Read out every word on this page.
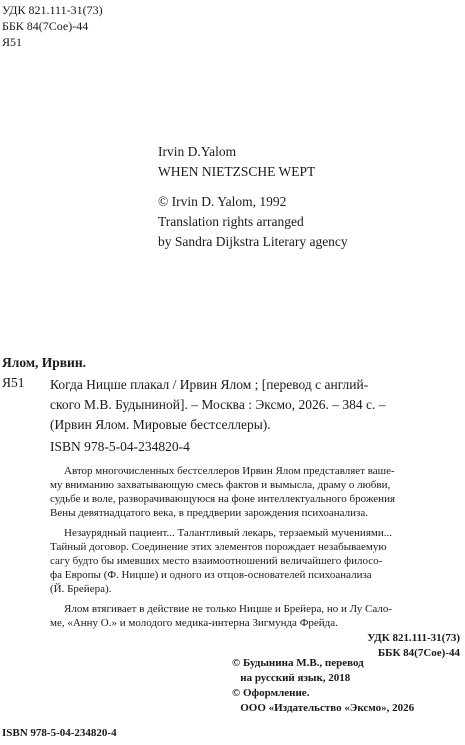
УДК 821.111-31(73)
ББК 84(7Сое)-44
Я51
Irvin D.Yalom
WHEN NIETZSCHE WEPT
© Irvin D. Yalom, 1992
Translation rights arranged
by Sandra Dijkstra Literary agency
Ялом, Ирвин.
Я51 Когда Ницше плакал / Ирвин Ялом ; [перевод с англий-
ского М.В. Будыниной]. – Москва : Эксмо, 2026. – 384 с. –
(Ирвин Ялом. Мировые бестселлеры).
ISBN 978-5-04-234820-4
Автор многочисленных бестселлеров Ирвин Ялом представляет ваше-
му вниманию захватывающую смесь фактов и вымысла, драму о любви,
судьбе и воле, разворачивающуюся на фоне интеллектуального брожения
Вены девятнадцатого века, в преддверии зарождения психоанализа.
Незаурядный пациент... Талантливый лекарь, терзаемый мучениями...
Тайный договор. Соединение этих элементов порождает незабываемую
сагу будто бы имевших место взаимоотношений величайшего филосо-
фа Европы (Ф. Ницше) и одного из отцов-основателей психоанализа
(Й. Брейера).
Ялом втягивает в действие не только Ницше и Брейера, но и Лу Сало-
ме, «Анну О.» и молодого медика-интерна Зигмунда Фрейда.
УДК 821.111-31(73)
ББК 84(7Сое)-44
© Будынина М.В., перевод
на русский язык, 2018
© Оформление.
ООО «Издательство «Эксмо», 2026
ISBN 978-5-04-234820-4
